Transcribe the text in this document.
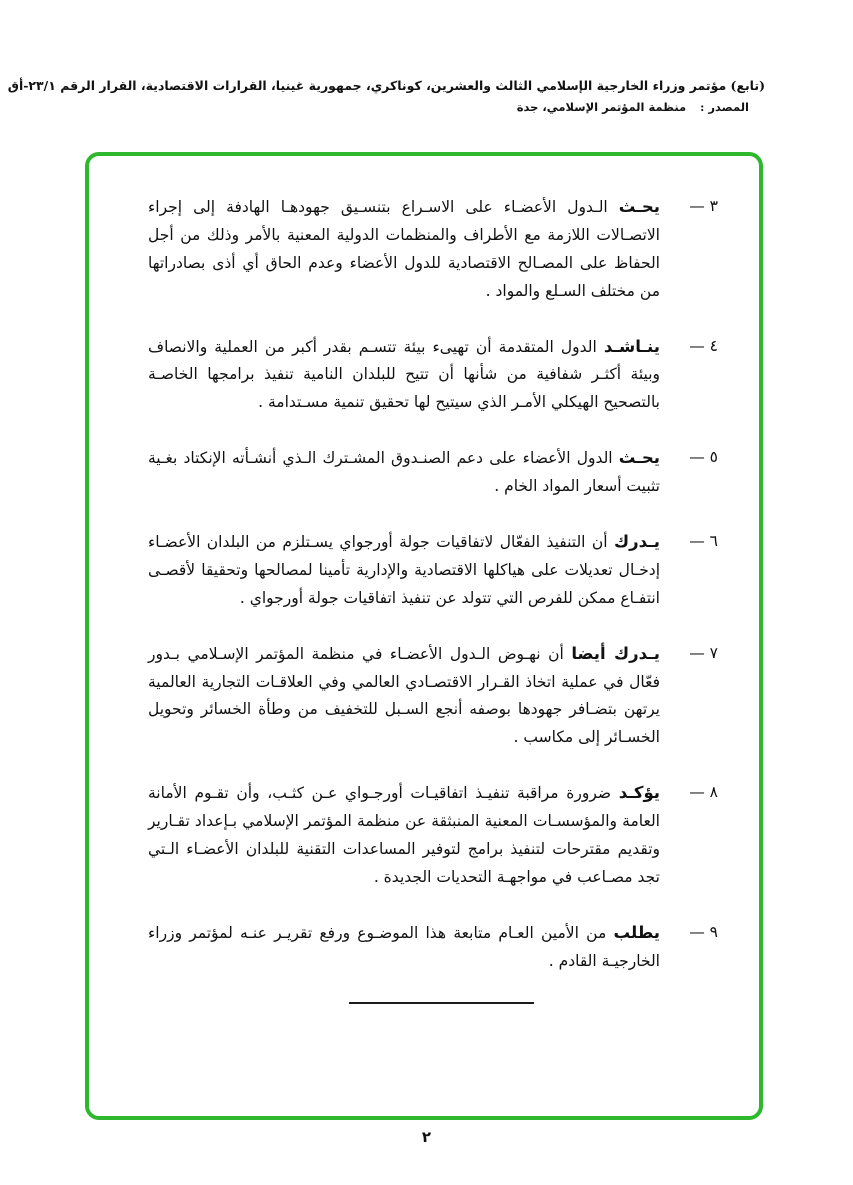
(تابع) مؤتمر وزراء الخارجية الإسلامي الثالث والعشرين، كوناكري، جمهورية غينيا، القرارات الاقتصادية، القرار الرقم ٢٣/١-أق
المصدر : منظمة المؤتمر الإسلامي، جدة
٣ —
يحـث الـدول الأعضـاء على الاسـراع بتنسـيق جهودهـا الهادفة إلى إجراء الاتصـالات اللازمة مع الأطراف والمنظمات الدولية المعنية بالأمر وذلك من أجل الحفاظ على المصـالح الاقتصادية للدول الأعضاء وعدم الحاق أي أذى بصادراتها من مختلف السـلع والمواد .
٤ —
ينـاشـد الدول المتقدمة أن تهيىء بيئة تتسـم بقدر أكبر من العملية والانصاف وبيئة أكثـر شفافية من شأنها أن تتيح للبلدان النامية تنفيذ برامجها الخاصـة بالتصحيح الهيكلي الأمـر الذي سيتيح لها تحقيق تنمية مسـتدامة .
٥ —
يحـث الدول الأعضاء على دعم الصنـدوق المشـترك الـذي أنشـأته الإنكتاد بغـية تثبيت أسعار المواد الخام .
٦ —
يـدرك أن التنفيذ الفعّال لاتفاقيات جولة أورجواي يسـتلزم من البلدان الأعضـاء إدخـال تعديلات على هياكلها الاقتصادية والإدارية تأمينا لمصالحها وتحقيقا لأقصـى انتفـاع ممكن للفرص التي تتولد عن تنفيذ اتفاقيات جولة أورجواي .
٧ —
يـدرك أيضا أن نهـوض الـدول الأعضـاء في منظمة المؤتمر الإسـلامي بـدور فعّال في عملية اتخاذ القـرار الاقتصـادي العالمي وفي العلاقـات التجارية العالمية يرتهن بتضـافر جهودها بوصفه أنجع السـبل للتخفيف من وطأة الخسائر وتحويل الخسـائر إلى مكاسب .
٨ —
يؤكـد ضرورة مراقبة تنفيـذ اتفاقيـات أورجـواي عـن كثـب، وأن تقـوم الأمانة العامة والمؤسسـات المعنية المنبثقة عن منظمة المؤتمر الإسلامي بـإعداد تقـارير وتقديم مقترحات لتنفيذ برامج لتوفير المساعدات التقنية للبلدان الأعضـاء الـتي تجد مصـاعب في مواجهـة التحديات الجديدة .
٩ —
يطلب من الأمين العـام متابعة هذا الموضـوع ورفع تقريـر عنـه لمؤتمر وزراء الخارجيـة القادم .
٢
